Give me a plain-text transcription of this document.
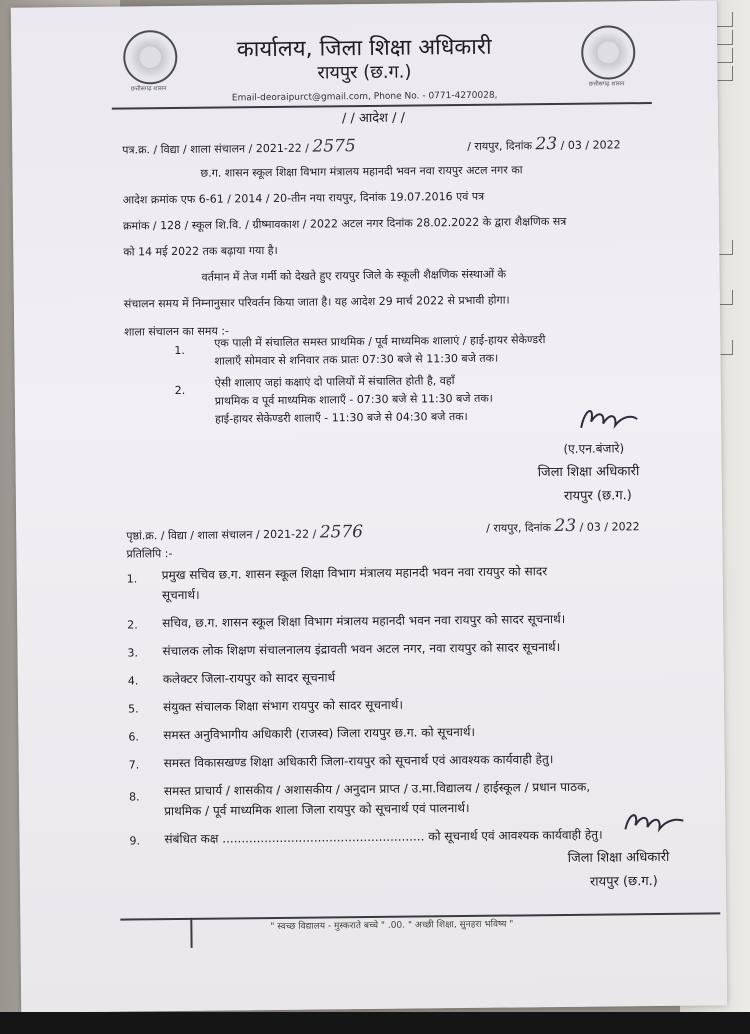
छत्तीसगढ़ शासन
छत्तीसगढ़ शासन
कार्यालय, जिला शिक्षा अधिकारी
रायपुर (छ.ग.)
Email-deoraipurct@gmail.com, Phone No. - 0771-4270028,
/ / आदेश / /
पत्र.क्र. / विद्या / शाला संचालन / 2021-22 / 2575	/ रायपुर, दिनांक 23 / 03 / 2022
छ.ग. शासन स्कूल शिक्षा विभाग मंत्रालय महानदी भवन नवा रायपुर अटल नगर का
आदेश क्रमांक एफ 6-61 / 2014 / 20-तीन नया रायपुर, दिनांक 19.07.2016 एवं पत्र
क्रमांक / 128 / स्कूल शि.वि. / ग्रीष्मावकाश / 2022 अटल नगर दिनांक 28.02.2022 के द्वारा शैक्षणिक सत्र
को 14 मई 2022 तक बढ़ाया गया है।
वर्तमान में तेज गर्मी को देखते हुए रायपुर जिले के स्कूली शैक्षणिक संस्थाओं के
संचालन समय में निम्नानुसार परिवर्तन किया जाता है। यह आदेश 29 मार्च 2022 से प्रभावी होगा।
शाला संचालन का समय :-
1.
एक पाली में संचालित समस्त प्राथमिक / पूर्व माध्यमिक शालाएं / हाई-हायर सेकेण्डरी
शालाएँ सोमवार से शनिवार तक प्रातः 07:30 बजे से 11:30 बजे तक।
2.
ऐसी शालाए जहां कक्षाएं दो पालियों में संचालित होती है, वहाँ
प्राथमिक व पूर्व माध्यमिक शालाएँ - 07:30 बजे से 11:30 बजे तक।
हाई-हायर सेकेण्डरी शालाएँ - 11:30 बजे से 04:30 बजे तक।
(ए.एन.बंजारे)
जिला शिक्षा अधिकारी
रायपुर (छ.ग.)
पृष्ठां.क्र. / विद्या / शाला संचालन / 2021-22 / 2576	/ रायपुर, दिनांक 23 / 03 / 2022
प्रतिलिपि :-
1. प्रमुख सचिव छ.ग. शासन स्कूल शिक्षा विभाग मंत्रालय महानदी भवन नवा रायपुर को सादर
सूचनार्थ।
2. सचिव, छ.ग. शासन स्कूल शिक्षा विभाग मंत्रालय महानदी भवन नवा रायपुर को सादर सूचनार्थ।
3. संचालक लोक शिक्षण संचालनालय इंद्रावती भवन अटल नगर, नवा रायपुर को सादर सूचनार्थ।
4. कलेक्टर जिला-रायपुर को सादर सूचनार्थ
5. संयुक्त संचालक शिक्षा संभाग रायपुर को सादर सूचनार्थ।
6. समस्त अनुविभागीय अधिकारी (राजस्व) जिला रायपुर छ.ग. को सूचनार्थ।
7. समस्त विकासखण्ड शिक्षा अधिकारी जिला-रायपुर को सूचनार्थ एवं आवश्यक कार्यवाही हेतु।
8. समस्त प्राचार्य / शासकीय / अशासकीय / अनुदान प्राप्त / उ.मा.विद्यालय / हाईस्कूल / प्रधान पाठक,
प्राथमिक / पूर्व माध्यमिक शाला जिला रायपुर को सूचनार्थ एवं पालनार्थ।
9. संबंधित कक्ष ..................................................... को सूचनार्थ एवं आवश्यक कार्यवाही हेतु।
जिला शिक्षा अधिकारी
रायपुर (छ.ग.)
" स्वच्छ विद्यालय - मुस्कराते बच्चे " .00. " अच्छी शिक्षा, सुनहरा भविष्य "
